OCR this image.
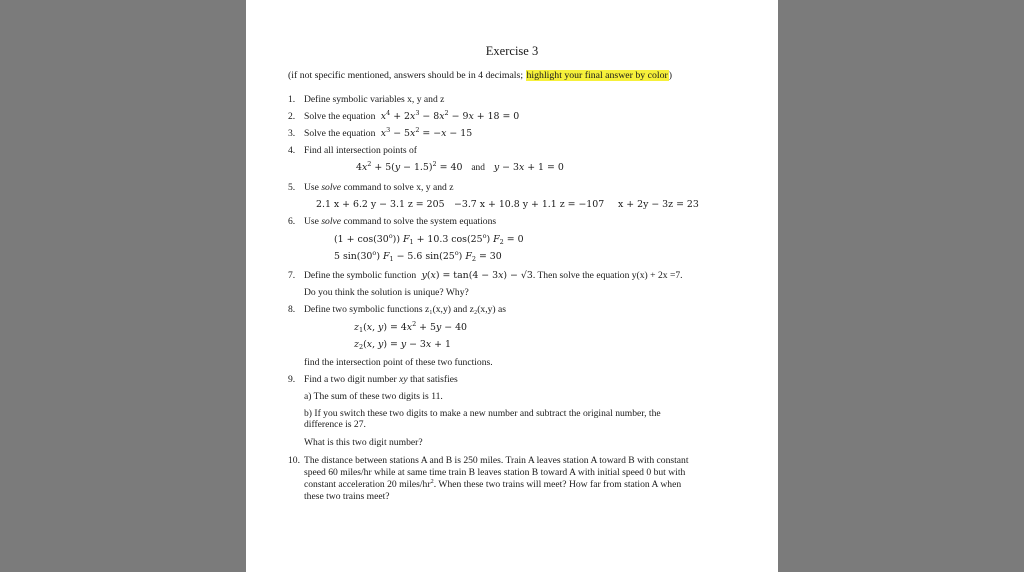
Exercise 3
(if not specific mentioned, answers should be in 4 decimals; highlight your final answer by color)
1. Define symbolic variables x, y and z
2. Solve the equation $x^4 + 2x^3 - 8x^2 - 9x + 18 = 0$
3. Solve the equation $x^3 - 5x^2 = -x - 15$
4. Find all intersection points of
$4x^2 + 5(y - 1.5)^2 = 40$   and y − 3x + 1 = 0
5. Use solve command to solve x, y and z
2.1 x + 6.2 y − 3.1 z = 205 −3.7 x + 10.8 y + 1.1 z = −107 x + 2y − 3z = 23
6. Use solve command to solve the system equations
$(1 + \cos(30^o))$ $F_1 + 10.3$ cos(25$^o$) $F_2 = 0$
5 sin(30$^o$) $F_1 - 5.6$ sin(25$^o$) $F_2 = 30$
7. Define the symbolic function y(x) = tan(4 − 3x) − √3. Then solve the equation y(x) + 2x =7.
Do you think the solution is unique? Why?
8. Define two symbolic functions z₁(x,y) and z₂(x,y) as
$z_1(x$, $y) = 4x^2 + 5y - 40$
$z_2(x$, y) = y − 3x + 1
find the intersection point of these two functions.
9. Find a two digit number xy that satisfies
a) The sum of these two digits is 11.
b) If you switch these two digits to make a new number and subtract the original number, the
difference is 27.
What is this two digit number?
10. The distance between stations A and B is 250 miles. Train A leaves station A toward B with constant
speed 60 miles/hr while at same time train B leaves station B toward A with initial speed 0 but with
constant acceleration 20 miles/$hr^2$. When these two trains will meet? How far from station A when
these two trains meet?
